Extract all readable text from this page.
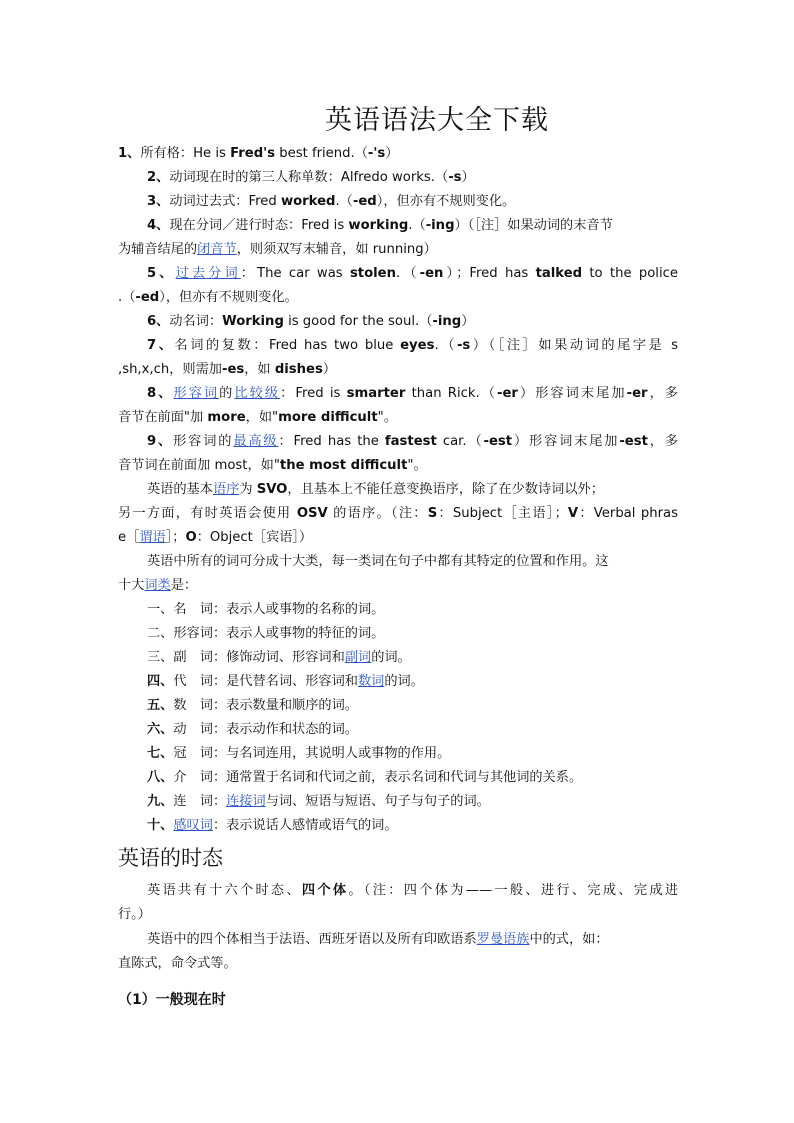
英语语法大全下载
1、所有格：He is Fred's best friend.（-'s）
2、动词现在时的第三人称单数：Alfredo works.（-s）
3、动词过去式：Fred worked.（-ed），但亦有不规则变化。
4、现在分词／进行时态：Fred is working.（-ing）（［注］如果动词的末音节
为辅音结尾的闭音节，则须双写末辅音，如 running）
5、过去分词：The car was stolen.（-en）；Fred has talked to the police
.（-ed），但亦有不规则变化。
6、动名词：Working is good for the soul.（-ing）
7、名词的复数：Fred has two blue eyes.（-s）（［注］如果动词的尾字是 s
,sh,x,ch，则需加-es，如 dishes）
8、形容词的比较级：Fred is smarter than Rick.（-er）形容词末尾加-er，多
音节在前面"加 more，如"more difficult"。
9、形容词的最高级：Fred has the fastest car.（-est）形容词末尾加-est，多
音节词在前面加 most，如"the most difficult"。
英语的基本语序为 SVO，且基本上不能任意变换语序，除了在少数诗词以外；
另一方面，有时英语会使用 OSV 的语序。（注：S：Subject［主语］；V：Verbal phras
e［谓语］；O：Object［宾语］）
英语中所有的词可分成十大类，每一类词在句子中都有其特定的位置和作用。这
十大词类是：
一、名　词：表示人或事物的名称的词。
二、形容词：表示人或事物的特征的词。
三、副　词：修饰动词、形容词和副词的词。
四、代　词：是代替名词、形容词和数词的词。
五、数　词：表示数量和顺序的词。
六、动　词：表示动作和状态的词。
七、冠　词：与名词连用，其说明人或事物的作用。
八、介　词：通常置于名词和代词之前，表示名词和代词与其他词的关系。
九、连　词：连接词与词、短语与短语、句子与句子的词。
十、感叹词：表示说话人感情或语气的词。
英语的时态
英语共有十六个时态、四个体。（注：四个体为——一般、进行、完成、完成进
行。）
英语中的四个体相当于法语、西班牙语以及所有印欧语系罗曼语族中的式，如：
直陈式，命令式等。
（1）一般现在时
